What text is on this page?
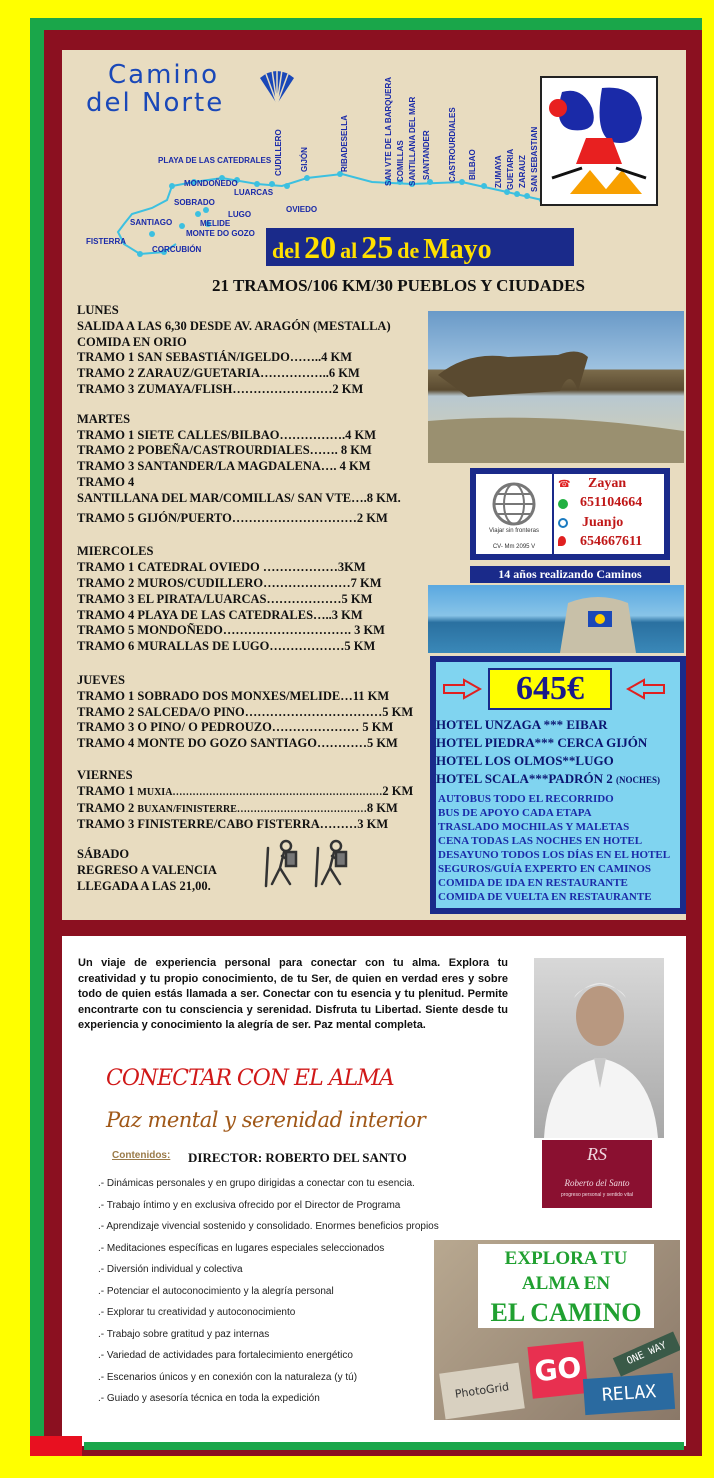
Camino
del Norte
PLAYA DE LAS CATEDRALES
MONDOÑEDO
LUARCAS
SOBRADO
LUGO
MELIDE
MONTE DO GOZO
SANTIAGO
FISTERRA
CORCUBIÓN
OVIEDO
CUDILLERO GIJÓN	RIBADESELLA	SAN VTE DE LA BARQUERA COMILLAS SANTILLANA DEL MAR SANTANDER CASTROURDIALES BILBAO ZUMAYA GUETARIA ZARAUZ SAN SEBASTIAN
del 20 al 25 de Mayo
21 TRAMOS/106 KM/30 PUEBLOS Y CIUDADES
LUNES
SALIDA A LAS 6,30 DESDE AV. ARAGÓN (MESTALLA)
COMIDA EN ORIO
TRAMO 1 SAN SEBASTIÁN/IGELDO……..4 KM
TRAMO 2 ZARAUZ/GUETARIA……………..6 KM
TRAMO 3 ZUMAYA/FLISH……………………2 KM
MARTES
TRAMO 1 SIETE CALLES/BILBAO…………….4 KM
TRAMO 2 POBEÑA/CASTROURDIALES……. 8 KM
TRAMO 3 SANTANDER/LA MAGDALENA…. 4 KM
TRAMO 4
SANTILLANA DEL MAR/COMILLAS/ SAN VTE….8 KM.
TRAMO 5 GIJÓN/PUERTO…………………………2 KM
MIERCOLES
TRAMO 1 CATEDRAL OVIEDO ………………3KM
TRAMO 2 MUROS/CUDILLERO…………………7 KM
TRAMO 3 EL PIRATA/LUARCAS………………5 KM
TRAMO 4 PLAYA DE LAS CATEDRALES…..3 KM
TRAMO 5 MONDOÑEDO…………………………. 3 KM
TRAMO 6 MURALLAS DE LUGO………………5 KM
JUEVES
TRAMO 1 SOBRADO DOS MONXES/MELIDE…11 KM
TRAMO 2 SALCEDA/O PINO……………………………5 KM
TRAMO 3 O PINO/ O PEDROUZO………………… 5 KM
TRAMO 4 MONTE DO GOZO SANTIAGO…………5 KM
VIERNES
TRAMO 1 MUXIA………………………………………………………2 KM
TRAMO 2 BUXAN/FINISTERRE…………………………………8 KM
TRAMO 3 FINISTERRE/CABO FISTERRA………3 KM
SÁBADO
REGRESO A VALENCIA
LLEGADA A LAS 21,00.
Viajar sin fronteras
CV- Mm 2095 V
☎ Zayan
651104664
Juanjo
654667611
14 años realizando Caminos
645€
HOTEL UNZAGA *** EIBAR
HOTEL PIEDRA*** CERCA GIJÓN
HOTEL LOS OLMOS**LUGO
HOTEL SCALA***PADRÓN 2 (NOCHES)
AUTOBUS TODO EL RECORRIDO
BUS DE APOYO CADA ETAPA
TRASLADO MOCHILAS Y MALETAS
CENA TODAS LAS NOCHES EN HOTEL
DESAYUNO TODOS LOS DÍAS EN EL HOTEL
SEGUROS/GUÍA EXPERTO EN CAMINOS
COMIDA DE IDA EN RESTAURANTE
COMIDA DE VUELTA EN RESTAURANTE
Un viaje de experiencia personal para conectar con tu alma. Explora tu creatividad y tu propio conocimiento, de tu Ser, de quien en verdad eres y sobre todo de quien estás llamada a ser. Conectar con tu esencia y tu plenitud. Permite encontrarte con tu consciencia y serenidad. Disfruta tu Libertad. Siente desde tu experiencia y conocimiento la alegría de ser. Paz mental completa.
RS
Roberto del Santo
progreso personal y sentido vital
CONECTAR CON EL ALMA
Paz mental y serenidad interior
Contenidos: DIRECTOR: ROBERTO DEL SANTO
.- Dinámicas personales y en grupo dirigidas a conectar con tu esencia.
.- Trabajo íntimo y en exclusiva ofrecido por el Director de Programa
.- Aprendizaje vivencial sostenido y consolidado. Enormes beneficios propios
.- Meditaciones específicas en lugares especiales seleccionados
.- Diversión individual y colectiva
.- Potenciar el autoconocimiento y la alegría personal
.- Explorar tu creatividad y autoconocimiento
.- Trabajo sobre gratitud y paz internas
.- Variedad de actividades para fortalecimiento energético
.- Escenarios únicos y en conexión con la naturaleza (y tú)
.- Guiado y asesoría técnica en toda la expedición
EXPLORA TU
ALMA EN
EL CAMINO
GO	ONE WAY
RELAX
PhotoGrid
